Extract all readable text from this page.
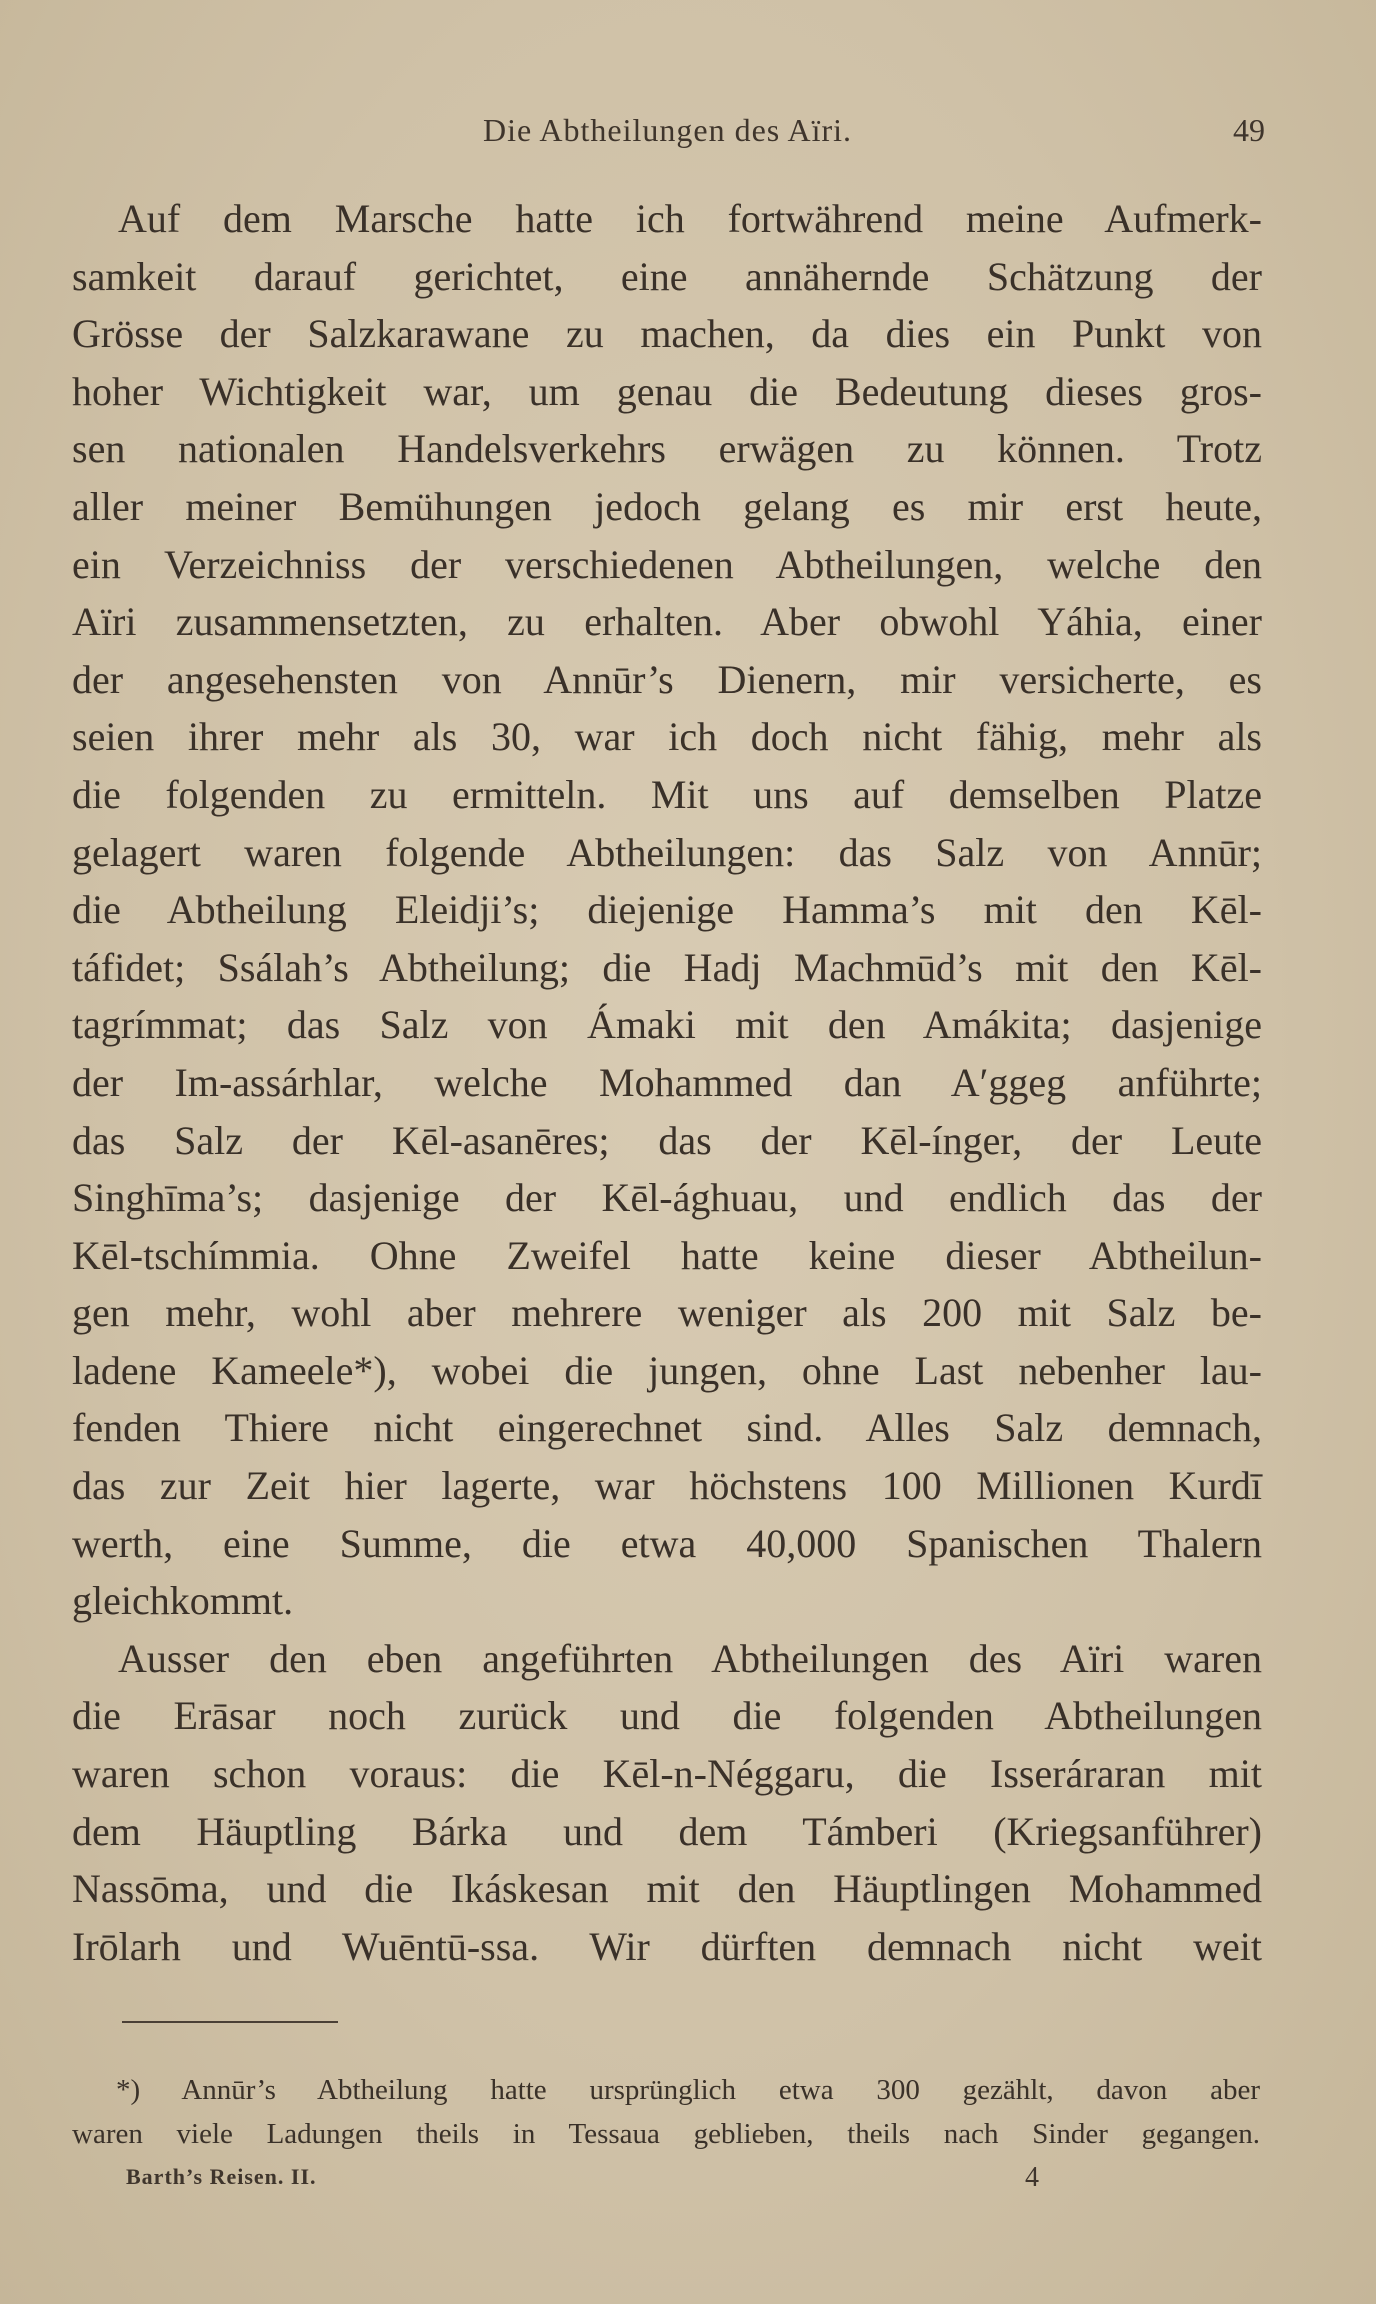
Die Abtheilungen des Aïri.	49
Auf dem Marsche hatte ich fortwährend meine Aufmerk-
samkeit darauf gerichtet, eine annähernde Schätzung der
Grösse der Salzkarawane zu machen, da dies ein Punkt von
hoher Wichtigkeit war, um genau die Bedeutung dieses gros-
sen nationalen Handelsverkehrs erwägen zu können. Trotz
aller meiner Bemühungen jedoch gelang es mir erst heute,
ein Verzeichniss der verschiedenen Abtheilungen, welche den
Aïri zusammensetzten, zu erhalten. Aber obwohl Yáhia, einer
der angesehensten von Annūr’s Dienern, mir versicherte, es
seien ihrer mehr als 30, war ich doch nicht fähig, mehr als
die folgenden zu ermitteln. Mit uns auf demselben Platze
gelagert waren folgende Abtheilungen: das Salz von Annūr;
die Abtheilung Eleidji’s; diejenige Hamma’s mit den Kēl-
táfidet; Ssálah’s Abtheilung; die Hadj Machmūd’s mit den Kēl-
tagrímmat; das Salz von Ámaki mit den Amákita; dasjenige
der Im-assárhlar, welche Mohammed dan A′ggeg anführte;
das Salz der Kēl-asanēres; das der Kēl-ínger, der Leute
Singhīma’s; dasjenige der Kēl-ághuau, und endlich das der
Kēl-tschímmia. Ohne Zweifel hatte keine dieser Abtheilun-
gen mehr, wohl aber mehrere weniger als 200 mit Salz be-
ladene Kameele*), wobei die jungen, ohne Last nebenher lau-
fenden Thiere nicht eingerechnet sind. Alles Salz demnach,
das zur Zeit hier lagerte, war höchstens 100 Millionen Kurdī
werth, eine Summe, die etwa 40,000 Spanischen Thalern
gleichkommt.
Ausser den eben angeführten Abtheilungen des Aïri waren
die Erāsar noch zurück und die folgenden Abtheilungen
waren schon voraus: die Kēl-n-Néggaru, die Isseráraran mit
dem Häuptling Bárka und dem Támberi (Kriegsanführer)
Nassōma, und die Ikáskesan mit den Häuptlingen Mohammed
Irōlarh und Wuēntū-ssa. Wir dürften demnach nicht weit
*) Annūr’s Abtheilung hatte ursprünglich etwa 300 gezählt, davon aber
waren viele Ladungen theils in Tessaua geblieben, theils nach Sinder gegangen.
Barth’s Reisen. II.	4
